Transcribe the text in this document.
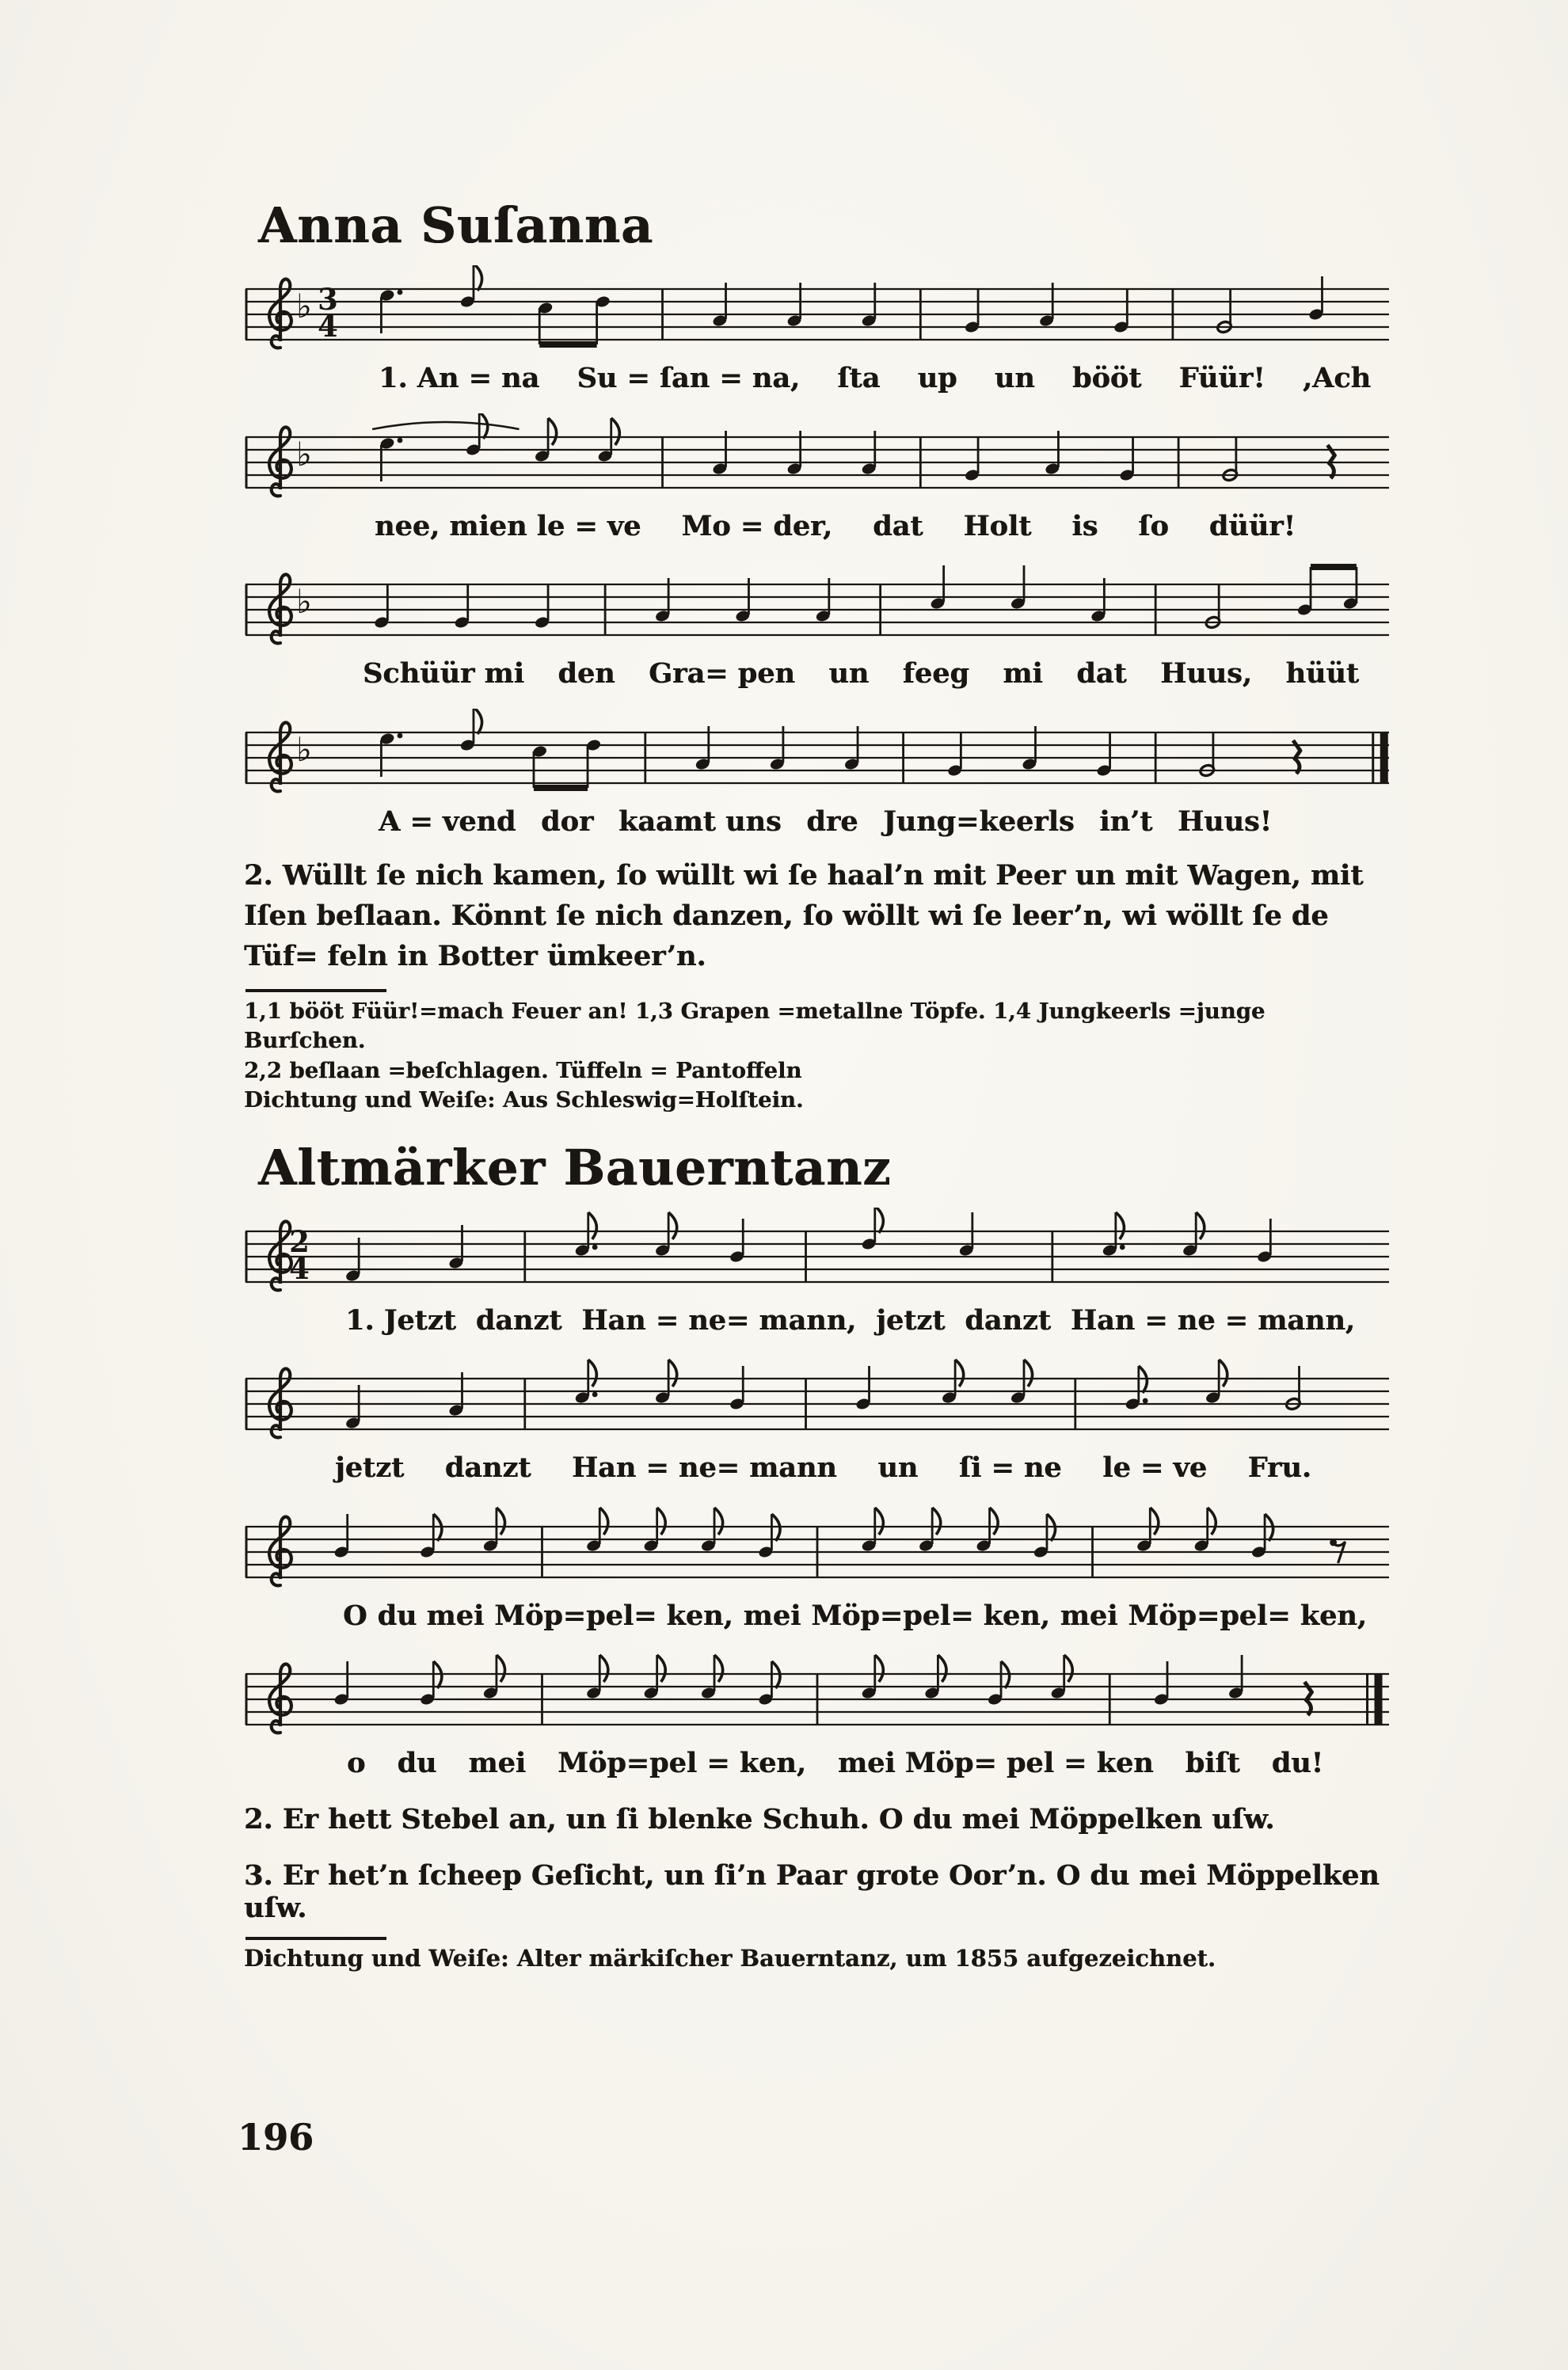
Anna Suſanna
♭ 3
4
1. An = na Su = ſan = na, ſta up un bööt Füür! ,Ach
♭
nee, mien le = ve Mo = der, dat Holt is ſo düür!
♭
Schüür mi den Gra= pen un feeg mi dat Huus, hüüt
♭
A = vend dor kaamt uns dre Jung=keerls in’t Huus!

2. Wüllt ſe nich kamen, ſo wüllt wi ſe haal’n mit Peer un mit Wagen, mit Iſen beſlaan. Könnt ſe nich danzen, ſo wöllt wi ſe leer’n, wi wöllt ſe de Tüf= feln in Botter ümkeer’n.

1,1 bööt Füür!=mach Feuer an! 1,3 Grapen =metallne Töpfe. 1,4 Jungkeerls =junge Burſchen.
2,2 beſlaan =beſchlagen. Tüffeln = Pantoffeln
Dichtung und Weiſe: Aus Schleswig=Holſtein.
Altmärker Bauerntanz
2
4
1. Jetzt danzt Han = ne= mann, jetzt danzt Han = ne = mann,
jetzt danzt Han = ne= mann un ſi = ne le = ve Fru.
O du mei Möp=pel= ken, mei Möp=pel= ken, mei Möp=pel= ken,
o du mei Möp=pel = ken, mei Möp= pel = ken biſt du!
2. Er hett Stebel an, un ſi blenke Schuh. O du mei Möppelken uſw.
3. Er het’n ſcheep Geſicht, un ſi’n Paar grote Oor’n. O du mei Möppelken uſw.
Dichtung und Weiſe: Alter märkiſcher Bauerntanz, um 1855 aufgezeichnet.
196
